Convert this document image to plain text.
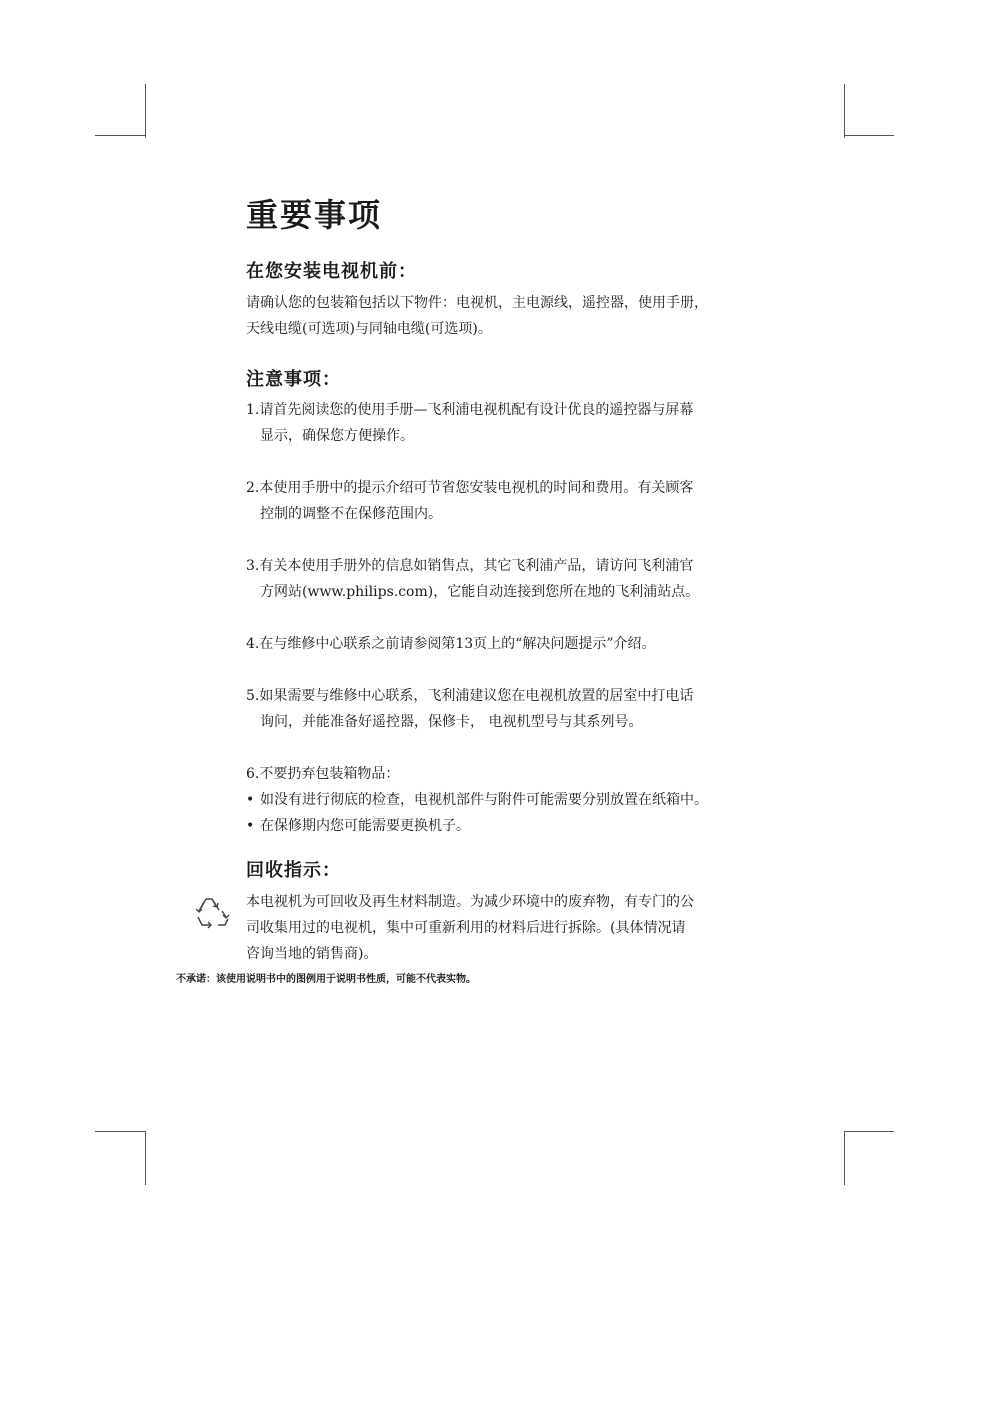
重要事项
在您安装电视机前：

请确认您的包装箱包括以下物件：电视机，主电源线，遥控器，使用手册，

天线电缆(可选项)与同轴电缆(可选项)。

注意事项：
1.请首先阅读您的使用手册—飞利浦电视机配有设计优良的遥控器与屏幕
显示，确保您方便操作。
2.本使用手册中的提示介绍可节省您安装电视机的时间和费用。有关顾客
控制的调整不在保修范围内。
3.有关本使用手册外的信息如销售点，其它飞利浦产品，请访问飞利浦官
方网站(www.philips.com)，它能自动连接到您所在地的飞利浦站点。
4.在与维修中心联系之前请参阅第13页上的“解决问题提示”介绍。
5.如果需要与维修中心联系，飞利浦建议您在电视机放置的居室中打电话
询问，并能准备好遥控器，保修卡， 电视机型号与其系列号。
6.不要扔弃包装箱物品：
• 如没有进行彻底的检查，电视机部件与附件可能需要分别放置在纸箱中。
• 在保修期内您可能需要更换机子。
回收指示：

本电视机为可回收及再生材料制造。为减少环境中的废弃物，有专门的公

司收集用过的电视机，集中可重新利用的材料后进行拆除。(具体情况请

咨询当地的销售商)。

不承诺：该使用说明书中的图例用于说明书性质，可能不代表实物。
